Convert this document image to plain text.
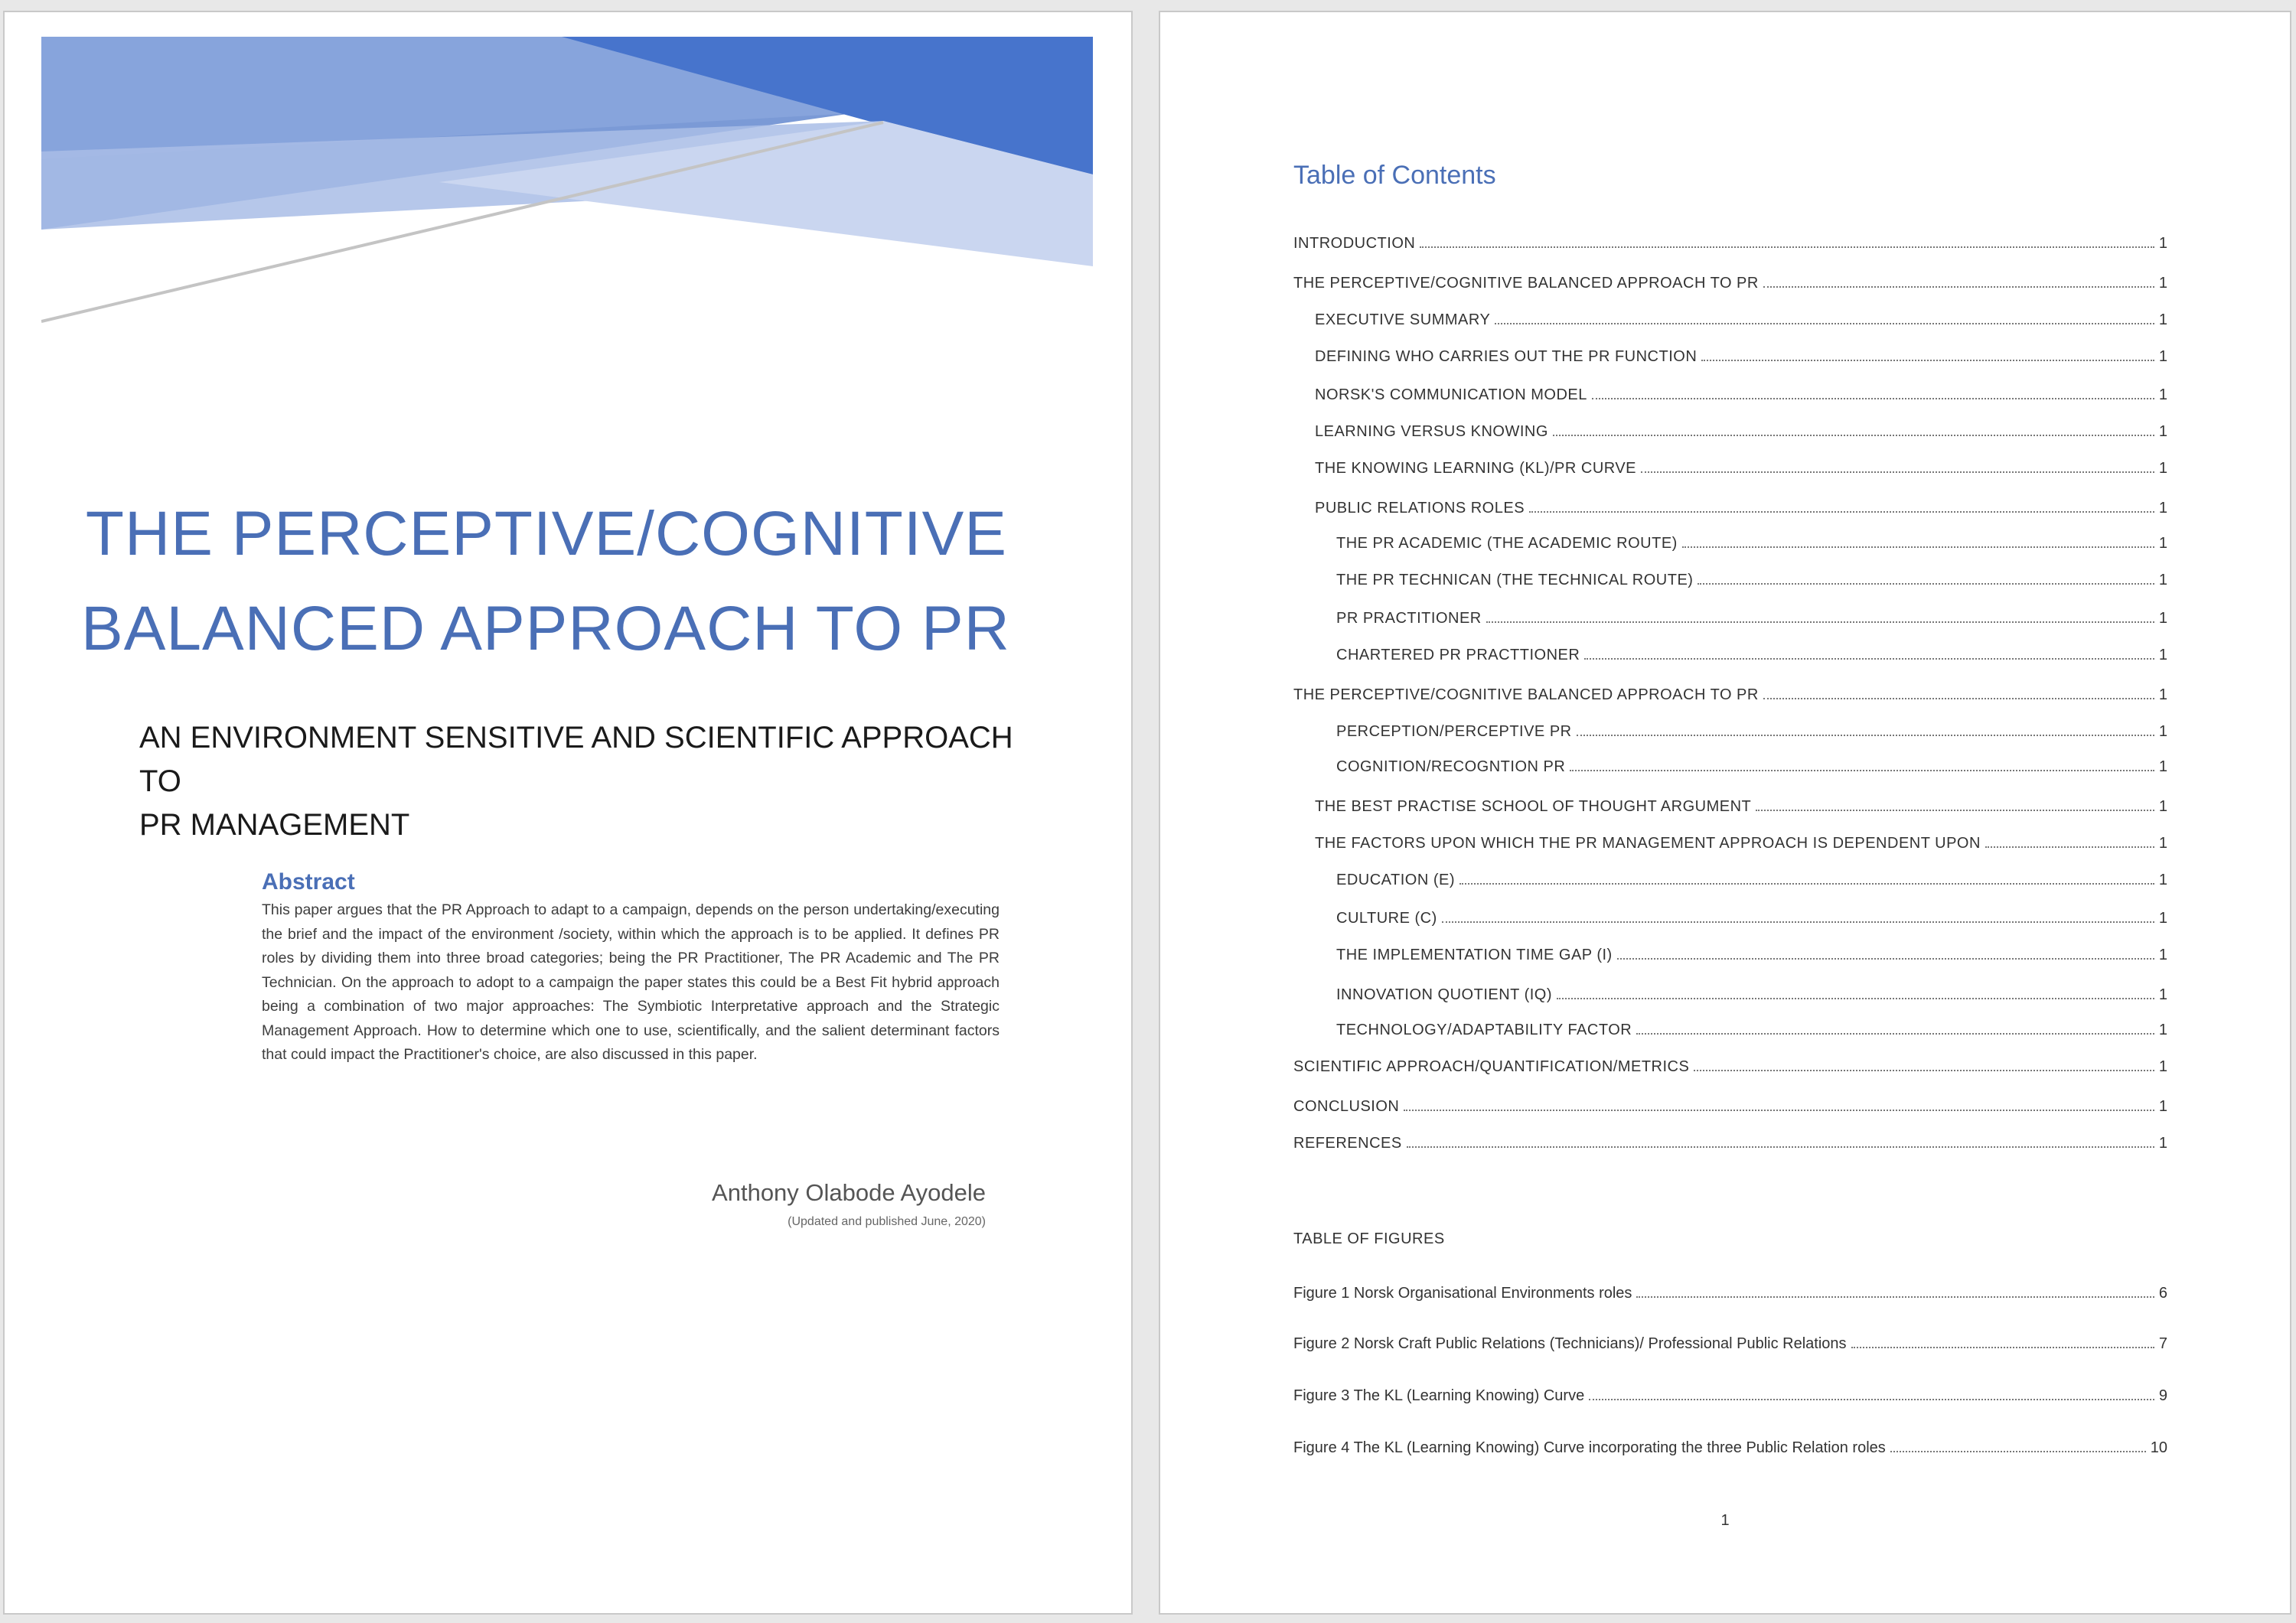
THE PERCEPTIVE/COGNITIVE
BALANCED APPROACH TO PR
AN ENVIRONMENT SENSITIVE AND SCIENTIFIC APPROACH TO
PR MANAGEMENT
Abstract
This paper argues that the PR Approach to adapt to a campaign, depends on the person undertaking/executing the brief and the impact of the environment /society, within which the approach is to be applied. It defines PR roles by dividing them into three broad categories; being the PR Practitioner, The PR Academic and The PR Technician. On the approach to adopt to a campaign the paper states this could be a Best Fit hybrid approach being a combination of two major approaches: The Symbiotic Interpretative approach and the Strategic Management Approach. How to determine which one to use, scientifically, and the salient determinant factors that could impact the Practitioner's choice, are also discussed in this paper.
Anthony Olabode Ayodele
(Updated and published June, 2020)
Table of Contents
INTRODUCTION	1
THE PERCEPTIVE/COGNITIVE BALANCED APPROACH TO PR	1
EXECUTIVE SUMMARY	1
DEFINING WHO CARRIES OUT THE PR FUNCTION	1
NORSK'S COMMUNICATION MODEL	1
LEARNING VERSUS KNOWING	1
THE KNOWING LEARNING (KL)/PR CURVE	1
PUBLIC RELATIONS ROLES	1
THE PR ACADEMIC (THE ACADEMIC ROUTE)	1
THE PR TECHNICAN (THE TECHNICAL ROUTE)	1
PR PRACTITIONER	1
CHARTERED PR PRACTTIONER	1
THE PERCEPTIVE/COGNITIVE BALANCED APPROACH TO PR	1
PERCEPTION/PERCEPTIVE PR	1
COGNITION/RECOGNTION PR	1
THE BEST PRACTISE SCHOOL OF THOUGHT ARGUMENT	1
THE FACTORS UPON WHICH THE PR MANAGEMENT APPROACH IS DEPENDENT UPON	1
EDUCATION (E)	1
CULTURE (C)	1
THE IMPLEMENTATION TIME GAP (I)	1
INNOVATION QUOTIENT (IQ)	1
TECHNOLOGY/ADAPTABILITY FACTOR	1
SCIENTIFIC APPROACH/QUANTIFICATION/METRICS	1
CONCLUSION	1
REFERENCES	1
TABLE OF FIGURES
Figure 1 Norsk Organisational Environments roles	6
Figure 2 Norsk Craft Public Relations (Technicians)/ Professional Public Relations	7
Figure 3 The KL (Learning Knowing) Curve	9
Figure 4 The KL (Learning Knowing) Curve incorporating the three Public Relation roles	10
1
